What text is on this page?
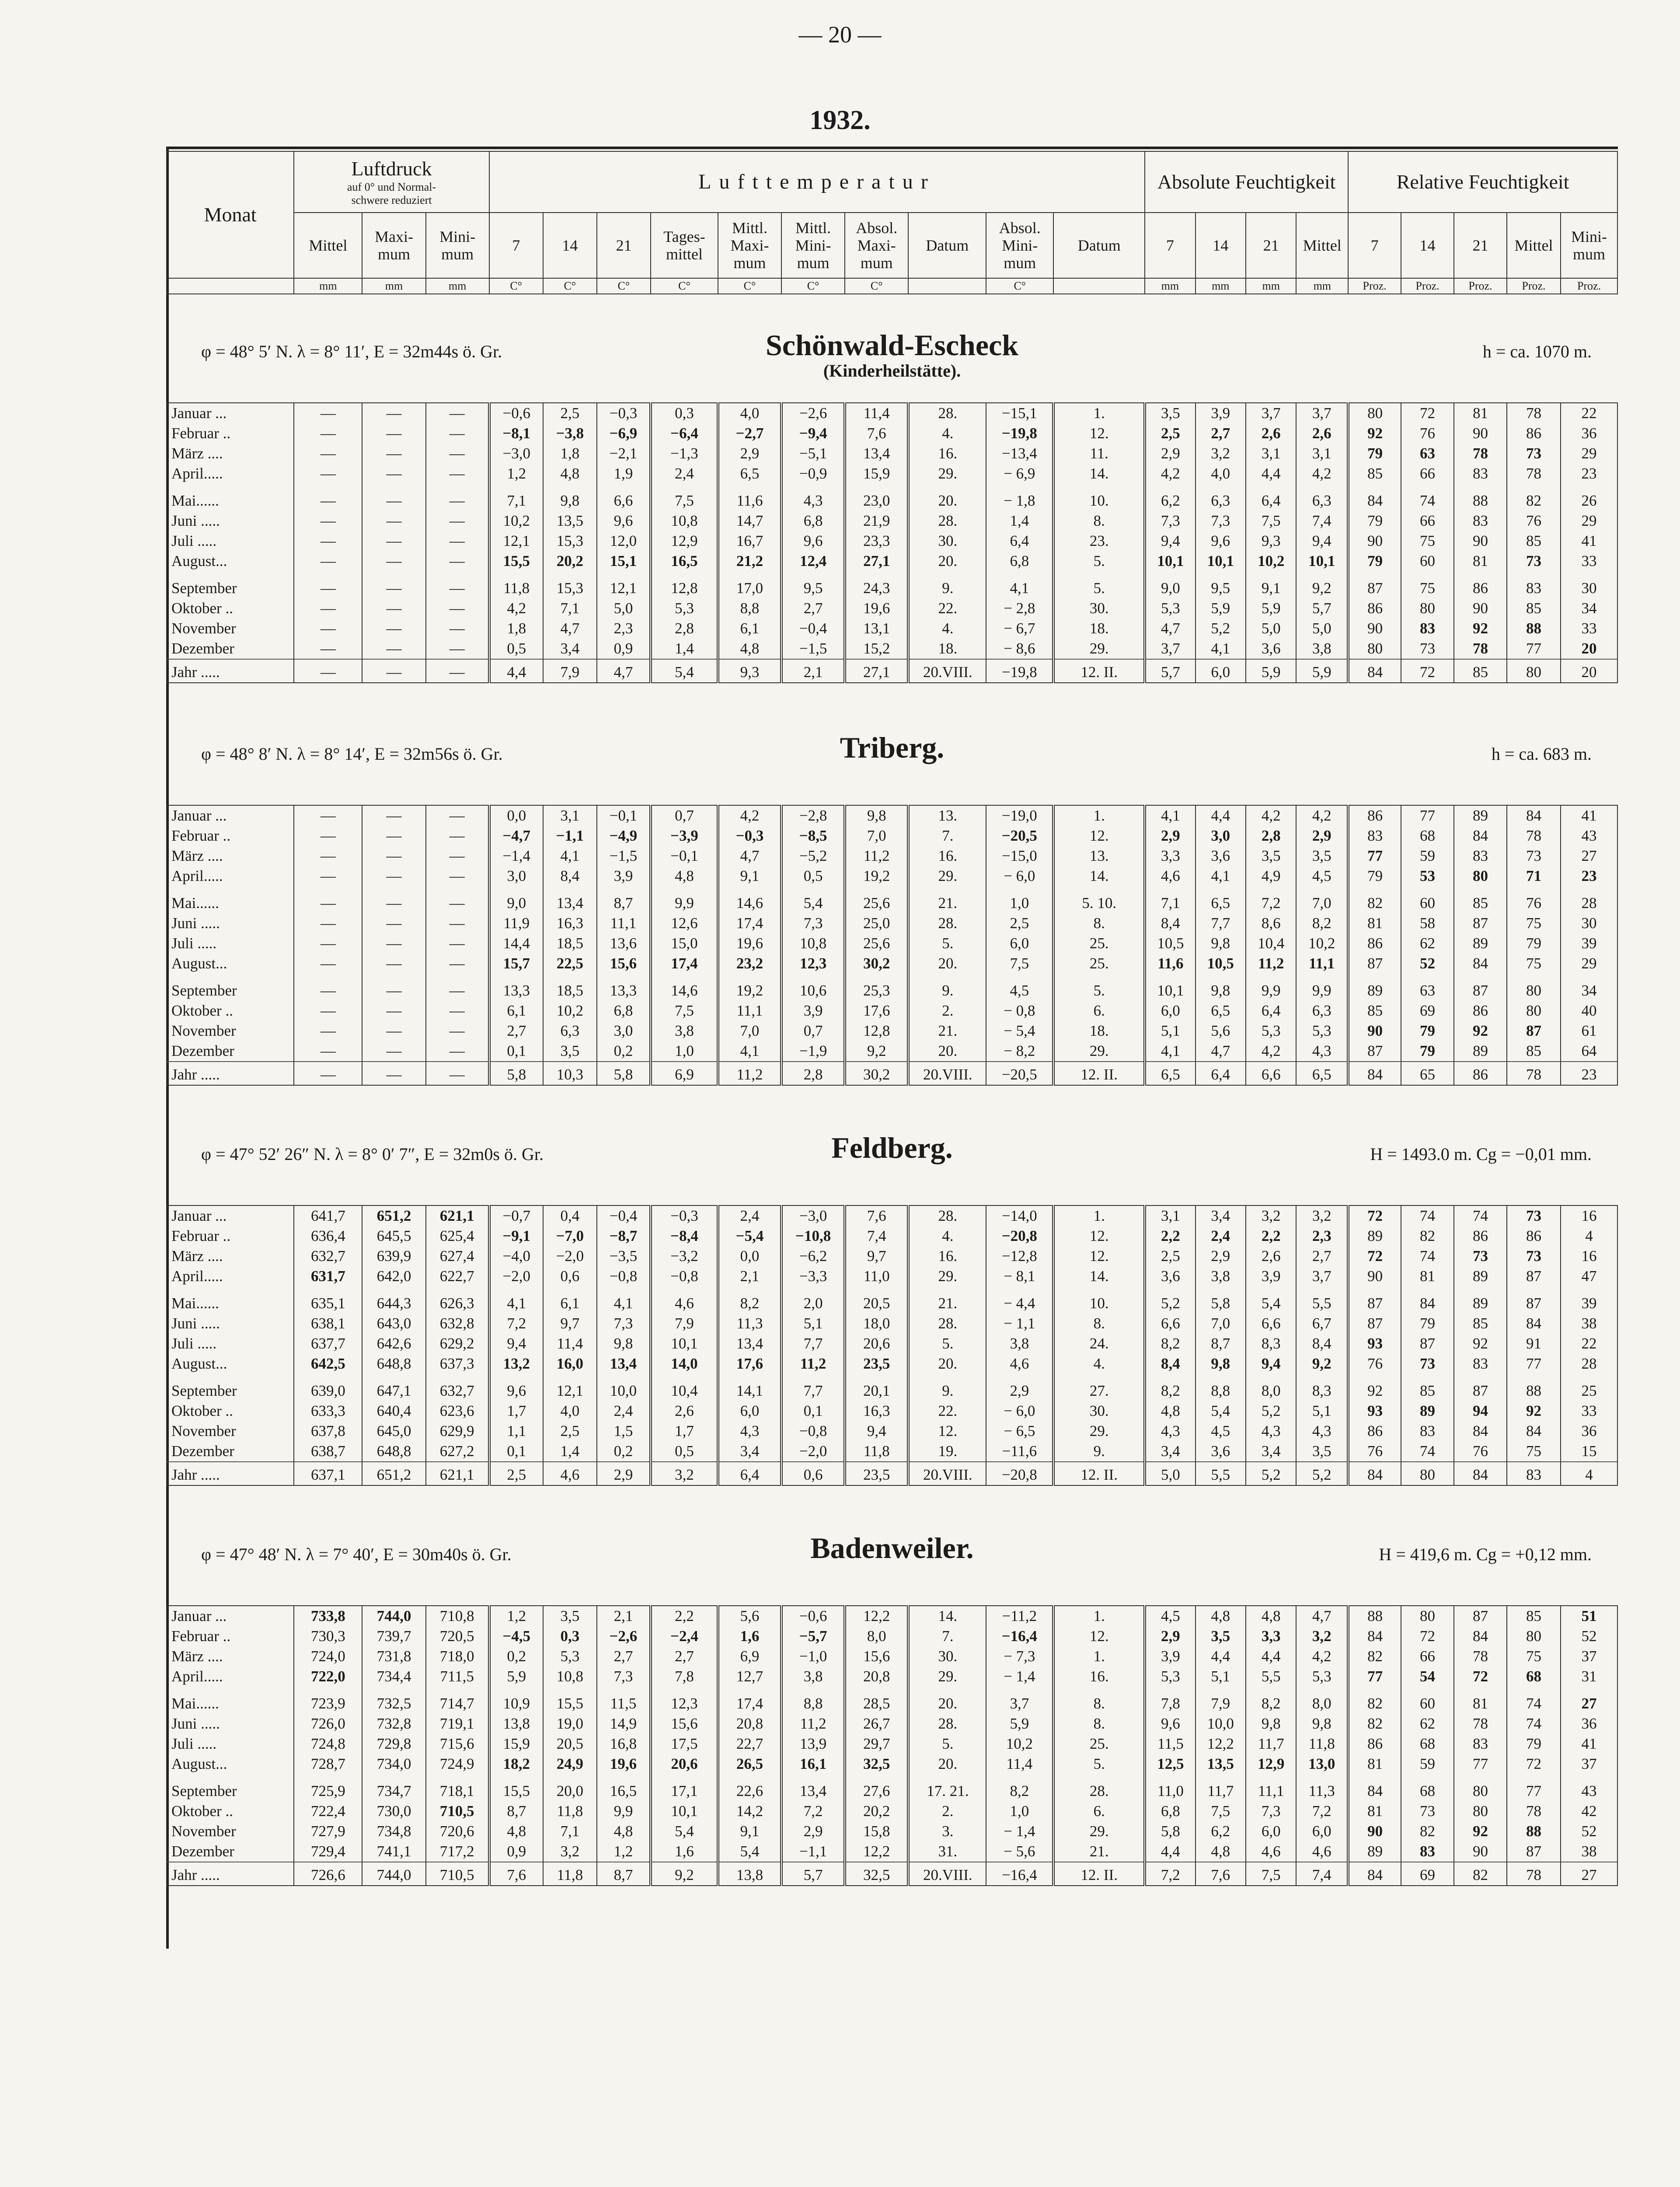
— 20 —
1932.
Monat	Luftdruck
auf 0° und Normal-
schwere reduziert			Lufttemperatur										Absolute Feuchtigkeit				Relative Feuchtigkeit				
	Mittel	Maxi-mum	Mini-mum	7	14	21	Tages-mittel	Mittl. Maxi-mum	Mittl. Mini-mum	Absol. Maxi-mum	Datum	Absol. Mini-mum	Datum	7	14	21	Mittel	7	14	21	Mittel	Mini-mum
	mm	mm	mm	C°	C°	C°	C°	C°	C°	C°		C°		mm	mm	mm	mm	Proz.	Proz.	Proz.	Proz.	Proz.
φ = 48° 5′ N. λ = 8° 11′, E = 32m44s ö. Gr.	Schönwald-Escheck
(Kinderheilstätte).
h = ca. 1070 m.
Januar ...	—	—	—	−0,6	2,5	−0,3	0,3	4,0	−2,6	11,4	28.	−15,1	1.	3,5	3,9	3,7	3,7	80	72	81	78	22
Februar ..	—	—	—	−8,1	−3,8	−6,9	−6,4	−2,7	−9,4	7,6	4.	−19,8	12.	2,5	2,7	2,6	2,6	92	76	90	86	36
März ....	—	—	—	−3,0	1,8	−2,1	−1,3	2,9	−5,1	13,4	16.	−13,4	11.	2,9	3,2	3,1	3,1	79	63	78	73	29
April.....	—	—	—	1,2	4,8	1,9	2,4	6,5	−0,9	15,9	29.	− 6,9	14.	4,2	4,0	4,4	4,2	85	66	83	78	23
Mai......	—	—	—	7,1	9,8	6,6	7,5	11,6	4,3	23,0	20.	− 1,8	10.	6,2	6,3	6,4	6,3	84	74	88	82	26
Juni .....	—	—	—	10,2	13,5	9,6	10,8	14,7	6,8	21,9	28.	1,4	8.	7,3	7,3	7,5	7,4	79	66	83	76	29
Juli .....	—	—	—	12,1	15,3	12,0	12,9	16,7	9,6	23,3	30.	6,4	23.	9,4	9,6	9,3	9,4	90	75	90	85	41
August...	—	—	—	15,5	20,2	15,1	16,5	21,2	12,4	27,1	20.	6,8	5.	10,1	10,1	10,2	10,1	79	60	81	73	33
September	—	—	—	11,8	15,3	12,1	12,8	17,0	9,5	24,3	9.	4,1	5.	9,0	9,5	9,1	9,2	87	75	86	83	30
Oktober ..	—	—	—	4,2	7,1	5,0	5,3	8,8	2,7	19,6	22.	− 2,8	30.	5,3	5,9	5,9	5,7	86	80	90	85	34
November	—	—	—	1,8	4,7	2,3	2,8	6,1	−0,4	13,1	4.	− 6,7	18.	4,7	5,2	5,0	5,0	90	83	92	88	33
Dezember	—	—	—	0,5	3,4	0,9	1,4	4,8	−1,5	15,2	18.	− 8,6	29.	3,7	4,1	3,6	3,8	80	73	78	77	20
Jahr .....	—	—	—	4,4	7,9	4,7	5,4	9,3	2,1	27,1	20.VIII.	−19,8	12. II.	5,7	6,0	5,9	5,9	84	72	85	80	20
φ = 48° 8′ N. λ = 8° 14′, E = 32m56s ö. Gr.	Triberg.	h = ca. 683 m.
Januar ...	—	—	—	0,0	3,1	−0,1	0,7	4,2	−2,8	9,8	13.	−19,0	1.	4,1	4,4	4,2	4,2	86	77	89	84	41
Februar ..	—	—	—	−4,7	−1,1	−4,9	−3,9	−0,3	−8,5	7,0	7.	−20,5	12.	2,9	3,0	2,8	2,9	83	68	84	78	43
März ....	—	—	—	−1,4	4,1	−1,5	−0,1	4,7	−5,2	11,2	16.	−15,0	13.	3,3	3,6	3,5	3,5	77	59	83	73	27
April.....	—	—	—	3,0	8,4	3,9	4,8	9,1	0,5	19,2	29.	− 6,0	14.	4,6	4,1	4,9	4,5	79	53	80	71	23
Mai......	—	—	—	9,0	13,4	8,7	9,9	14,6	5,4	25,6	21.	1,0	5. 10.	7,1	6,5	7,2	7,0	82	60	85	76	28
Juni .....	—	—	—	11,9	16,3	11,1	12,6	17,4	7,3	25,0	28.	2,5	8.	8,4	7,7	8,6	8,2	81	58	87	75	30
Juli .....	—	—	—	14,4	18,5	13,6	15,0	19,6	10,8	25,6	5.	6,0	25.	10,5	9,8	10,4	10,2	86	62	89	79	39
August...	—	—	—	15,7	22,5	15,6	17,4	23,2	12,3	30,2	20.	7,5	25.	11,6	10,5	11,2	11,1	87	52	84	75	29
September	—	—	—	13,3	18,5	13,3	14,6	19,2	10,6	25,3	9.	4,5	5.	10,1	9,8	9,9	9,9	89	63	87	80	34
Oktober ..	—	—	—	6,1	10,2	6,8	7,5	11,1	3,9	17,6	2.	− 0,8	6.	6,0	6,5	6,4	6,3	85	69	86	80	40
November	—	—	—	2,7	6,3	3,0	3,8	7,0	0,7	12,8	21.	− 5,4	18.	5,1	5,6	5,3	5,3	90	79	92	87	61
Dezember	—	—	—	0,1	3,5	0,2	1,0	4,1	−1,9	9,2	20.	− 8,2	29.	4,1	4,7	4,2	4,3	87	79	89	85	64
Jahr .....	—	—	—	5,8	10,3	5,8	6,9	11,2	2,8	30,2	20.VIII.	−20,5	12. II.	6,5	6,4	6,6	6,5	84	65	86	78	23
φ = 47° 52′ 26″ N. λ = 8° 0′ 7″, E = 32m0s ö. Gr.	Feldberg.	H = 1493.0 m. Cg = −0,01 mm.
Januar ...	641,7	651,2	621,1	−0,7	0,4	−0,4	−0,3	2,4	−3,0	7,6	28.	−14,0	1.	3,1	3,4	3,2	3,2	72	74	74	73	16
Februar ..	636,4	645,5	625,4	−9,1	−7,0	−8,7	−8,4	−5,4	−10,8	7,4	4.	−20,8	12.	2,2	2,4	2,2	2,3	89	82	86	86	4
März ....	632,7	639,9	627,4	−4,0	−2,0	−3,5	−3,2	0,0	−6,2	9,7	16.	−12,8	12.	2,5	2,9	2,6	2,7	72	74	73	73	16
April.....	631,7	642,0	622,7	−2,0	0,6	−0,8	−0,8	2,1	−3,3	11,0	29.	− 8,1	14.	3,6	3,8	3,9	3,7	90	81	89	87	47
Mai......	635,1	644,3	626,3	4,1	6,1	4,1	4,6	8,2	2,0	20,5	21.	− 4,4	10.	5,2	5,8	5,4	5,5	87	84	89	87	39
Juni .....	638,1	643,0	632,8	7,2	9,7	7,3	7,9	11,3	5,1	18,0	28.	− 1,1	8.	6,6	7,0	6,6	6,7	87	79	85	84	38
Juli .....	637,7	642,6	629,2	9,4	11,4	9,8	10,1	13,4	7,7	20,6	5.	3,8	24.	8,2	8,7	8,3	8,4	93	87	92	91	22
August...	642,5	648,8	637,3	13,2	16,0	13,4	14,0	17,6	11,2	23,5	20.	4,6	4.	8,4	9,8	9,4	9,2	76	73	83	77	28
September	639,0	647,1	632,7	9,6	12,1	10,0	10,4	14,1	7,7	20,1	9.	2,9	27.	8,2	8,8	8,0	8,3	92	85	87	88	25
Oktober ..	633,3	640,4	623,6	1,7	4,0	2,4	2,6	6,0	0,1	16,3	22.	− 6,0	30.	4,8	5,4	5,2	5,1	93	89	94	92	33
November	637,8	645,0	629,9	1,1	2,5	1,5	1,7	4,3	−0,8	9,4	12.	− 6,5	29.	4,3	4,5	4,3	4,3	86	83	84	84	36
Dezember	638,7	648,8	627,2	0,1	1,4	0,2	0,5	3,4	−2,0	11,8	19.	−11,6	9.	3,4	3,6	3,4	3,5	76	74	76	75	15
Jahr .....	637,1	651,2	621,1	2,5	4,6	2,9	3,2	6,4	0,6	23,5	20.VIII.	−20,8	12. II.	5,0	5,5	5,2	5,2	84	80	84	83	4
φ = 47° 48′ N. λ = 7° 40′, E = 30m40s ö. Gr.	Badenweiler.	H = 419,6 m. Cg = +0,12 mm.
Januar ...	733,8	744,0	710,8	1,2	3,5	2,1	2,2	5,6	−0,6	12,2	14.	−11,2	1.	4,5	4,8	4,8	4,7	88	80	87	85	51
Februar ..	730,3	739,7	720,5	−4,5	0,3	−2,6	−2,4	1,6	−5,7	8,0	7.	−16,4	12.	2,9	3,5	3,3	3,2	84	72	84	80	52
März ....	724,0	731,8	718,0	0,2	5,3	2,7	2,7	6,9	−1,0	15,6	30.	− 7,3	1.	3,9	4,4	4,4	4,2	82	66	78	75	37
April.....	722,0	734,4	711,5	5,9	10,8	7,3	7,8	12,7	3,8	20,8	29.	− 1,4	16.	5,3	5,1	5,5	5,3	77	54	72	68	31
Mai......	723,9	732,5	714,7	10,9	15,5	11,5	12,3	17,4	8,8	28,5	20.	3,7	8.	7,8	7,9	8,2	8,0	82	60	81	74	27
Juni .....	726,0	732,8	719,1	13,8	19,0	14,9	15,6	20,8	11,2	26,7	28.	5,9	8.	9,6	10,0	9,8	9,8	82	62	78	74	36
Juli .....	724,8	729,8	715,6	15,9	20,5	16,8	17,5	22,7	13,9	29,7	5.	10,2	25.	11,5	12,2	11,7	11,8	86	68	83	79	41
August...	728,7	734,0	724,9	18,2	24,9	19,6	20,6	26,5	16,1	32,5	20.	11,4	5.	12,5	13,5	12,9	13,0	81	59	77	72	37
September	725,9	734,7	718,1	15,5	20,0	16,5	17,1	22,6	13,4	27,6	17. 21.	8,2	28.	11,0	11,7	11,1	11,3	84	68	80	77	43
Oktober ..	722,4	730,0	710,5	8,7	11,8	9,9	10,1	14,2	7,2	20,2	2.	1,0	6.	6,8	7,5	7,3	7,2	81	73	80	78	42
November	727,9	734,8	720,6	4,8	7,1	4,8	5,4	9,1	2,9	15,8	3.	− 1,4	29.	5,8	6,2	6,0	6,0	90	82	92	88	52
Dezember	729,4	741,1	717,2	0,9	3,2	1,2	1,6	5,4	−1,1	12,2	31.	− 5,6	21.	4,4	4,8	4,6	4,6	89	83	90	87	38
Jahr .....	726,6	744,0	710,5	7,6	11,8	8,7	9,2	13,8	5,7	32,5	20.VIII.	−16,4	12. II.	7,2	7,6	7,5	7,4	84	69	82	78	27
